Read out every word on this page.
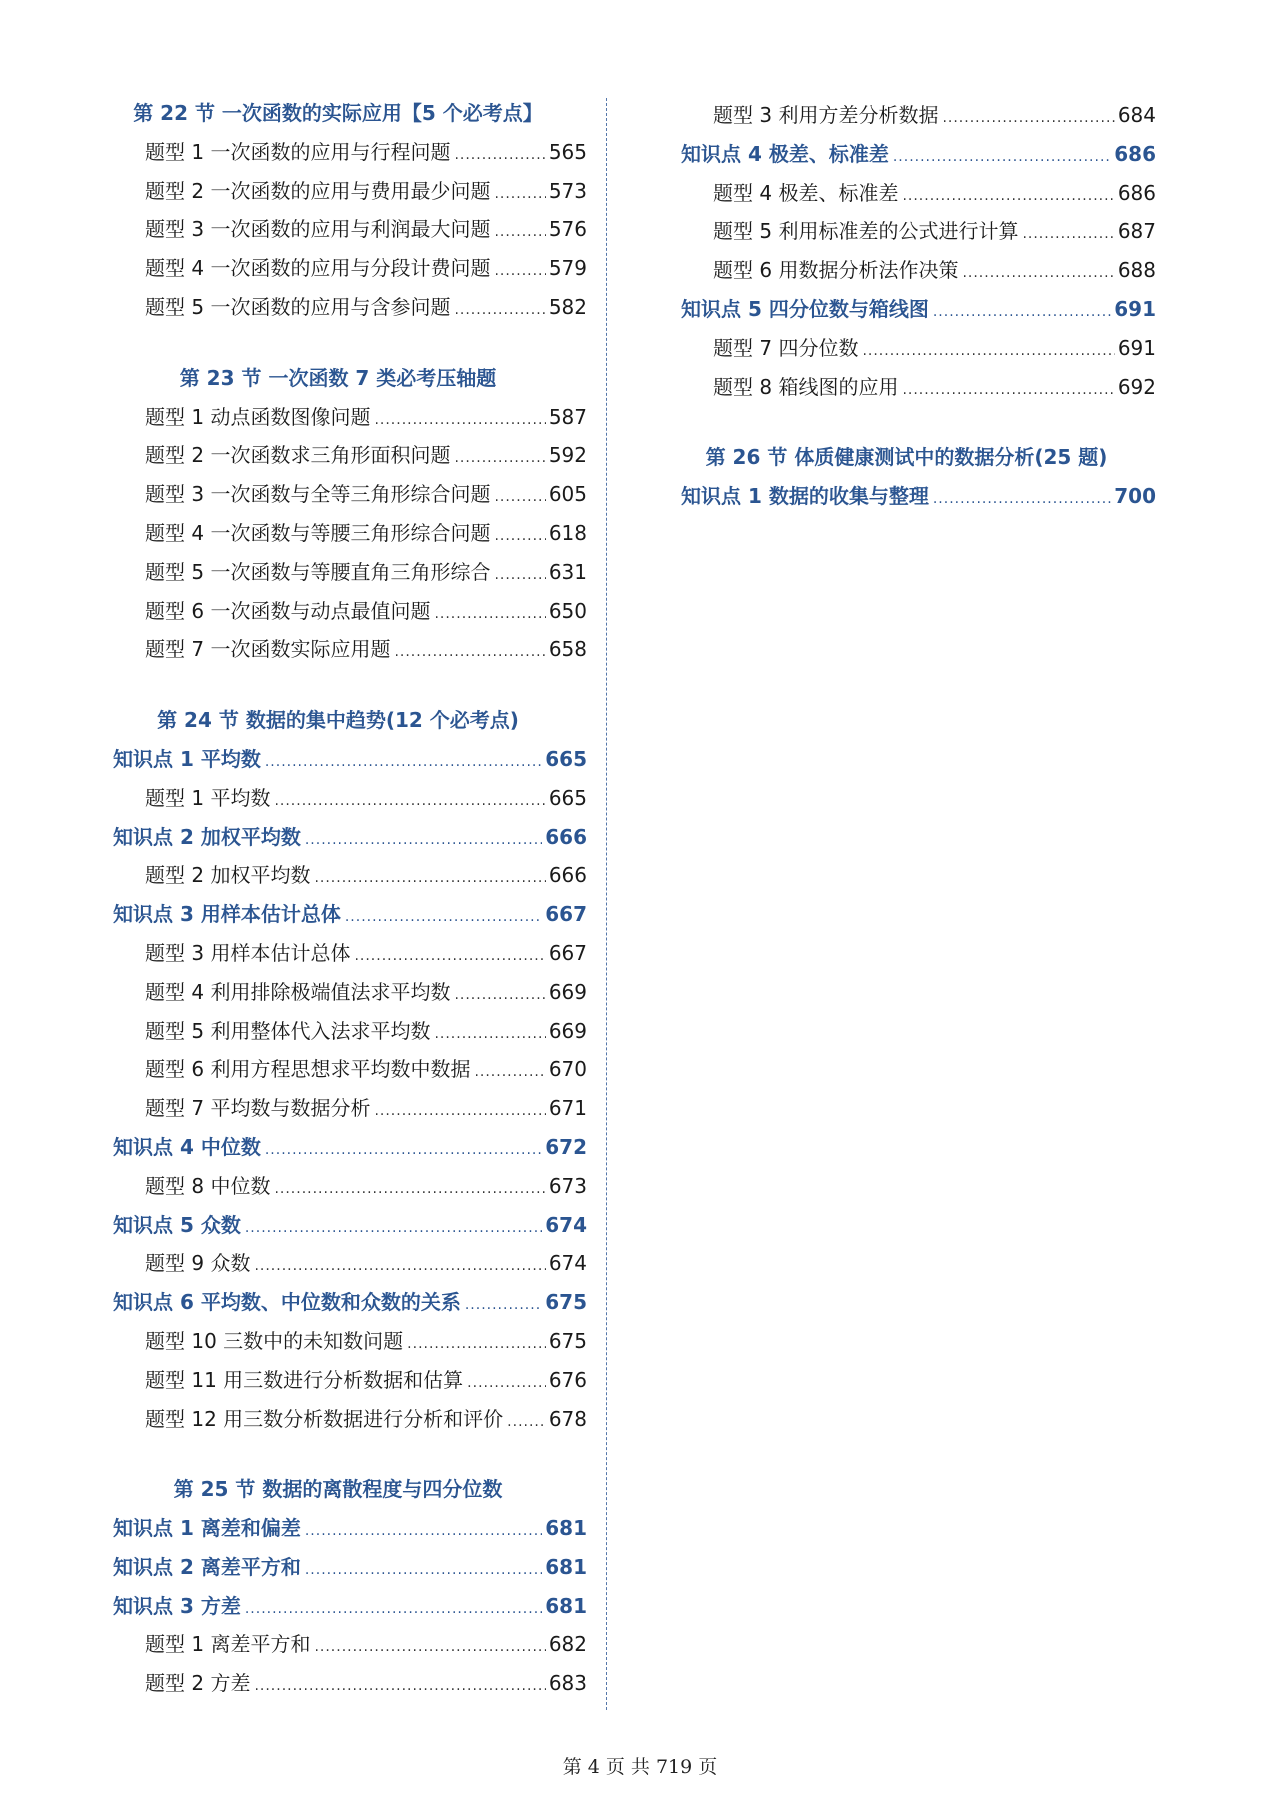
第 22 节 一次函数的实际应用【5 个必考点】
题型 1 一次函数的应用与行程问题 .....	565
题型 2 一次函数的应用与费用最少问题 .....	573
题型 3 一次函数的应用与利润最大问题 .....	576
题型 4 一次函数的应用与分段计费问题 .....	579
题型 5 一次函数的应用与含参问题 .....	582
第 23 节 一次函数 7 类必考压轴题
题型 1 动点函数图像问题 .....	587
题型 2 一次函数求三角形面积问题 .....	592
题型 3 一次函数与全等三角形综合问题 .....	605
题型 4 一次函数与等腰三角形综合问题 .....	618
题型 5 一次函数与等腰直角三角形综合 .....	631
题型 6 一次函数与动点最值问题 .....	650
题型 7 一次函数实际应用题 .....	658
第 24 节 数据的集中趋势(12 个必考点)
知识点 1 平均数 .....	665
题型 1 平均数 .....	665
知识点 2 加权平均数 .....	666
题型 2 加权平均数 .....	666
知识点 3 用样本估计总体 .....	667
题型 3 用样本估计总体 .....	667
题型 4 利用排除极端值法求平均数 .....	669
题型 5 利用整体代入法求平均数 .....	669
题型 6 利用方程思想求平均数中数据 .....	670
题型 7 平均数与数据分析 .....	671
知识点 4 中位数 .....	672
题型 8 中位数 .....	673
知识点 5 众数 .....	674
题型 9 众数 .....	674
知识点 6 平均数、中位数和众数的关系 .....	675
题型 10 三数中的未知数问题 .....	675
题型 11 用三数进行分析数据和估算 .....	676
题型 12 用三数分析数据进行分析和评价 ..... 678
第 25 节 数据的离散程度与四分位数
知识点 1 离差和偏差 .....	681
知识点 2 离差平方和 .....	681
知识点 3 方差 .....	681
题型 1 离差平方和 .....	682
题型 2 方差 .....	683
题型 3 利用方差分析数据 .....	684
知识点 4 极差、标准差 .....	686
题型 4 极差、标准差 .....	686
题型 5 利用标准差的公式进行计算 .....	687
题型 6 用数据分析法作决策 .....	688
知识点 5 四分位数与箱线图 .....	691
题型 7 四分位数 .....	691
题型 8 箱线图的应用 .....	692
第 26 节 体质健康测试中的数据分析(25 题)
知识点 1 数据的收集与整理 .....	700
第 4 页 共 719 页
